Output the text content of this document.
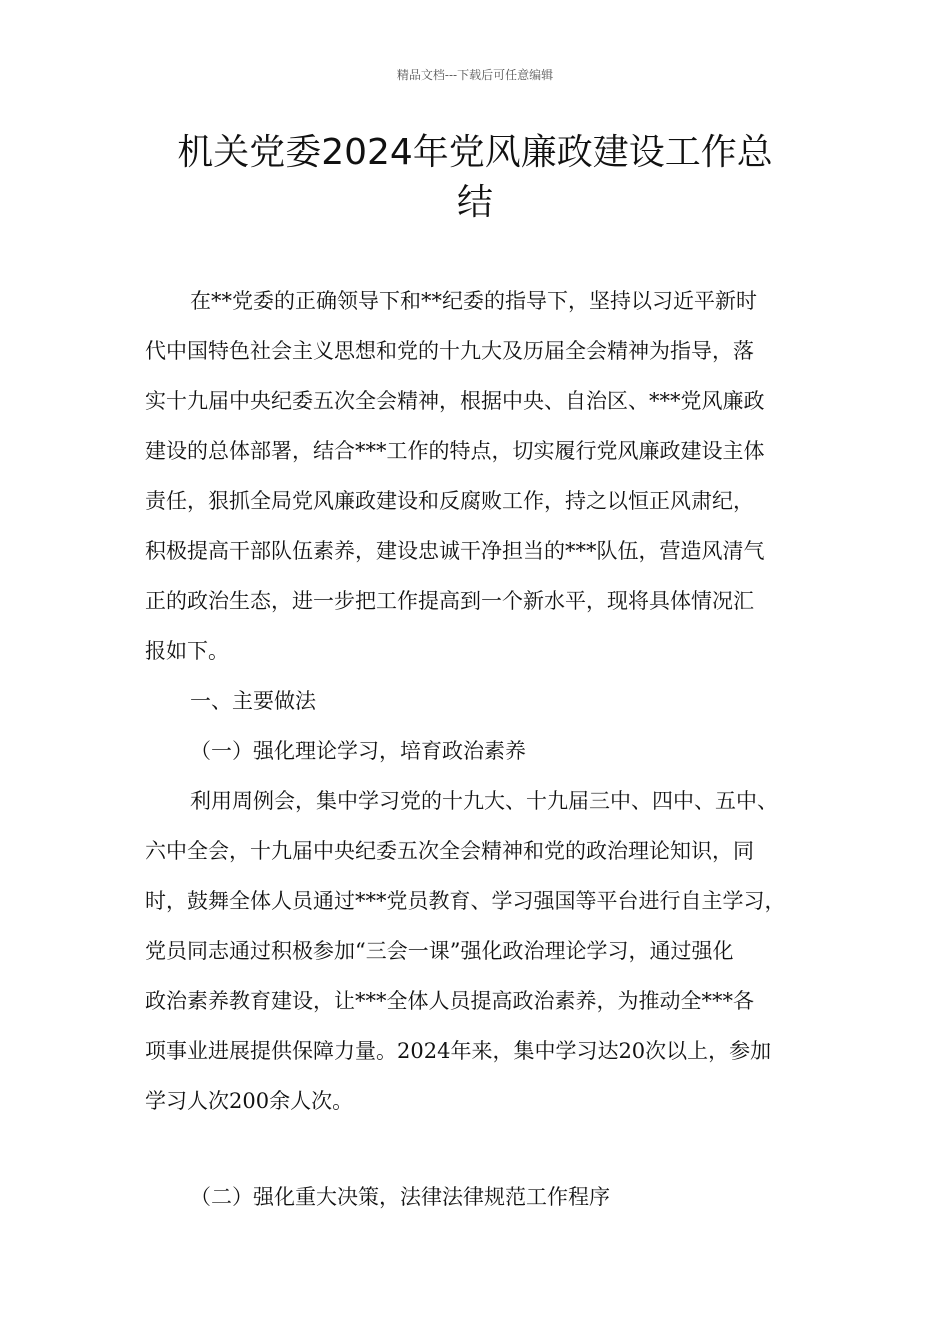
精品文档---下载后可任意编辑
机关党委2024年党风廉政建设工作总
结
在**党委的正确领导下和**纪委的指导下，坚持以习近平新时
代中国特色社会主义思想和党的十九大及历届全会精神为指导，落
实十九届中央纪委五次全会精神，根据中央、自治区、***党风廉政
建设的总体部署，结合***工作的特点，切实履行党风廉政建设主体
责任，狠抓全局党风廉政建设和反腐败工作，持之以恒正风肃纪，
积极提高干部队伍素养，建设忠诚干净担当的***队伍，营造风清气
正的政治生态，进一步把工作提高到一个新水平，现将具体情况汇
报如下。
一、主要做法
（一）强化理论学习，培育政治素养
利用周例会，集中学习党的十九大、十九届三中、四中、五中、
六中全会，十九届中央纪委五次全会精神和党的政治理论知识，同
时，鼓舞全体人员通过***党员教育、学习强国等平台进行自主学习，
党员同志通过积极参加“三会一课”强化政治理论学习，通过强化
政治素养教育建设，让***全体人员提高政治素养，为推动全***各
项事业进展提供保障力量。2024年来，集中学习达20次以上，参加
学习人次200余人次。
（二）强化重大决策，法律法律规范工作程序
